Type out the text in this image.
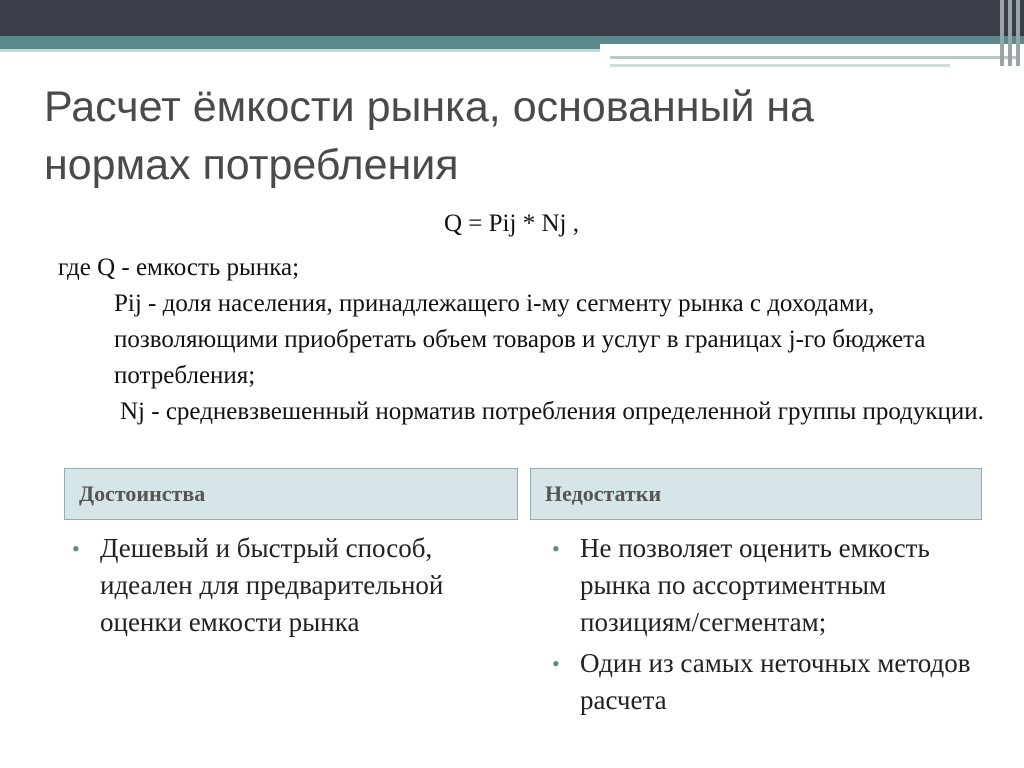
Расчет ёмкости рынка, основанный на нормах потребления
Q = Pij * Nj ,

где Q - емкость рынка;

Pij - доля населения, принадлежащего i-му сегменту рынка с доходами, позволяющими приобретать объем товаров и услуг в границах j-го бюджета потребления;

Nj - средневзвешенный норматив потребления определенной группы продукции.

Достоинства	Недостатки
• Дешевый и быстрый способ, идеален для предварительной оценки емкости рынка
• Не позволяет оценить емкость рынка по ассортиментным позициям/сегментам;
• Один из самых неточных методов расчета
